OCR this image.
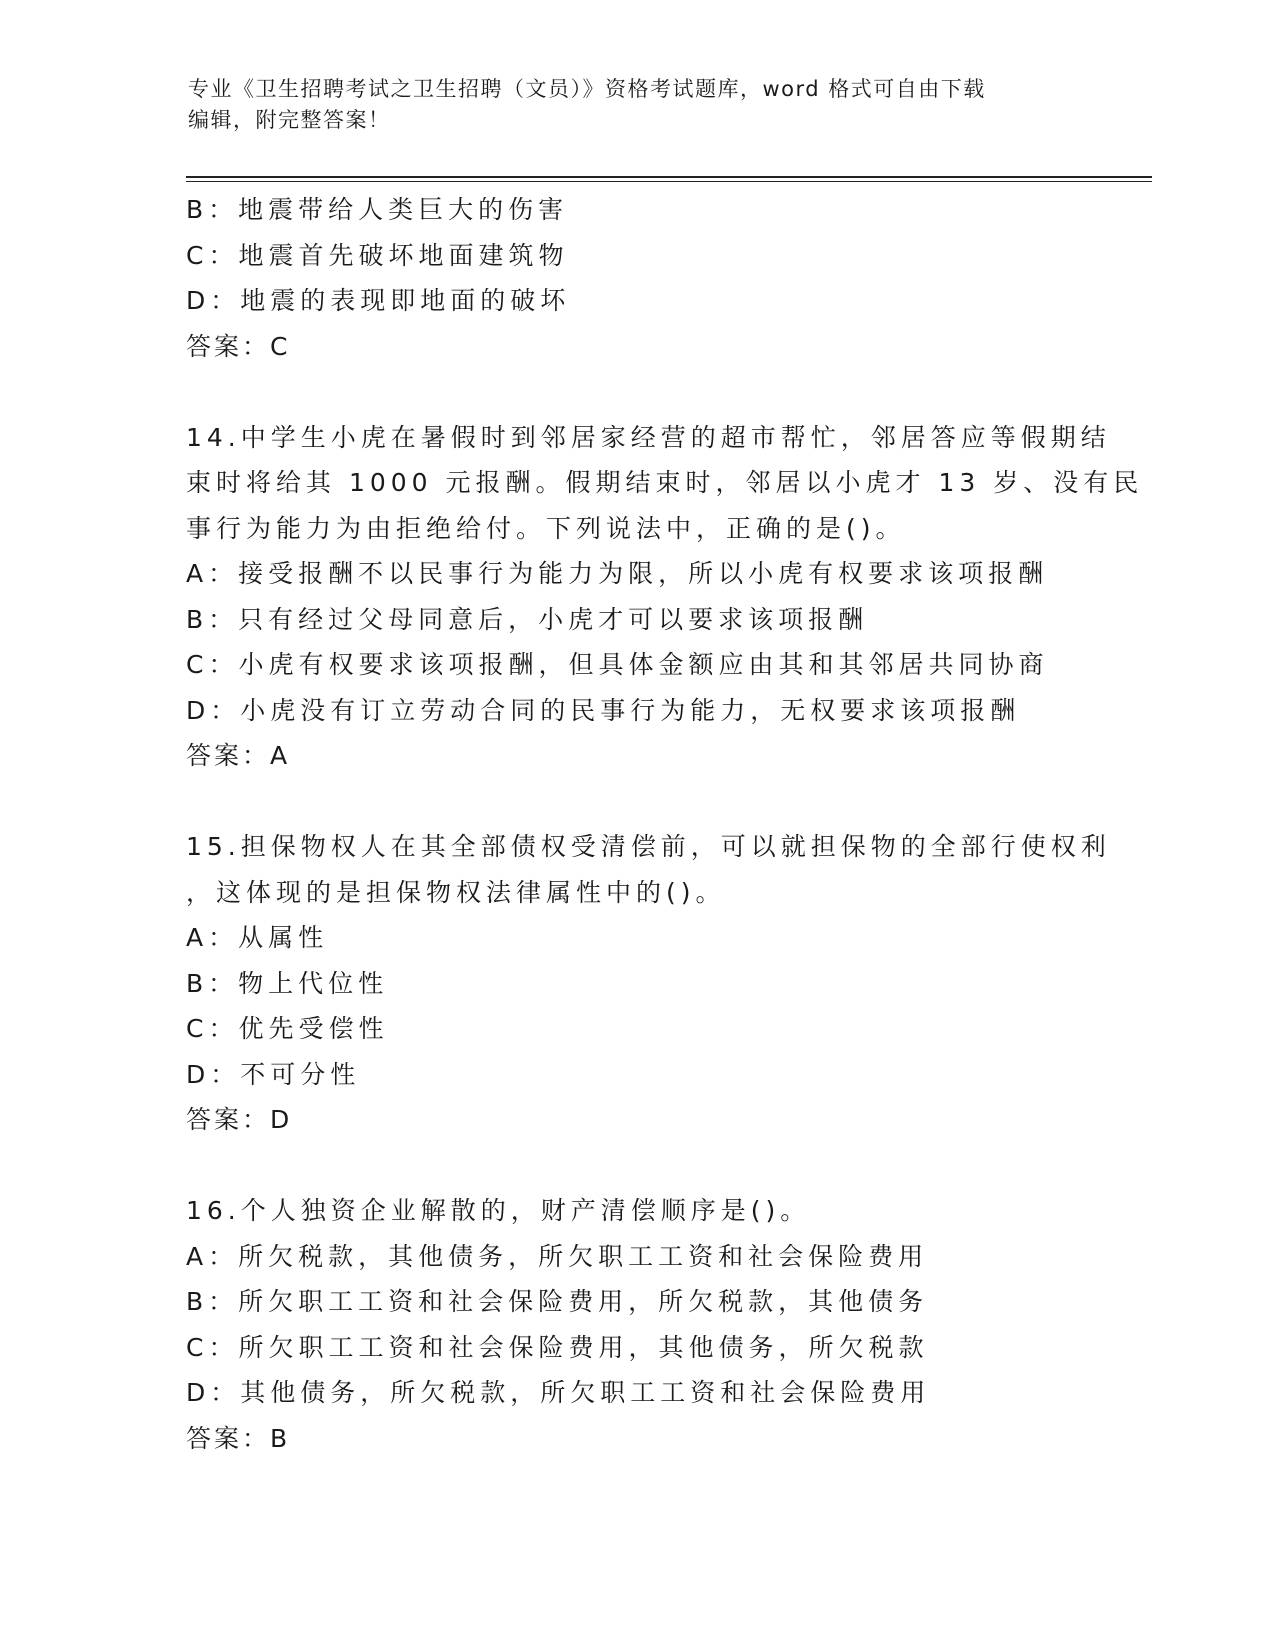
专业《卫生招聘考试之卫生招聘（文员）》资格考试题库，word 格式可自由下载
编辑，附完整答案！
B：地震带给人类巨大的伤害
C：地震首先破坏地面建筑物
D：地震的表现即地面的破坏
答案：C
14.中学生小虎在暑假时到邻居家经营的超市帮忙，邻居答应等假期结
束时将给其 1000 元报酬。假期结束时，邻居以小虎才 13 岁、没有民
事行为能力为由拒绝给付。下列说法中，正确的是()。
A：接受报酬不以民事行为能力为限，所以小虎有权要求该项报酬
B：只有经过父母同意后，小虎才可以要求该项报酬
C：小虎有权要求该项报酬，但具体金额应由其和其邻居共同协商
D：小虎没有订立劳动合同的民事行为能力，无权要求该项报酬
答案：A
15.担保物权人在其全部债权受清偿前，可以就担保物的全部行使权利
，这体现的是担保物权法律属性中的()。
A：从属性
B：物上代位性
C：优先受偿性
D：不可分性
答案：D
16.个人独资企业解散的，财产清偿顺序是()。
A：所欠税款，其他债务，所欠职工工资和社会保险费用
B：所欠职工工资和社会保险费用，所欠税款，其他债务
C：所欠职工工资和社会保险费用，其他债务，所欠税款
D：其他债务，所欠税款，所欠职工工资和社会保险费用
答案：B
